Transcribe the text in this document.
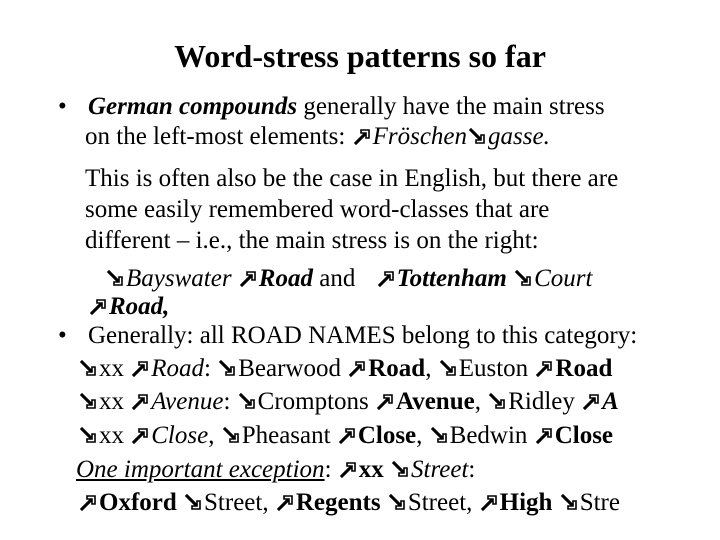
Word-stress patterns so far
• German compounds generally have the main stress
on the left-most elements:
Fröschen gasse.
This is often also be the case in English, but there are
some easily remembered word-classes that are
different – i.e., the main stress is on the right:
Bayswater
Road and
Tottenham
Court
Road,
• Generally: all ROAD NAMES belong to this category:
xx
Road:
Bearwood
Road,
Euston
Road
xx
Avenue:
Cromptons
Avenue,
Ridley
A
xx
Close,
Pheasant
Close,
Bedwin
Close
One important exception:
xx
Street:
Oxford
Street,
Regents
Street,
High
Stre
